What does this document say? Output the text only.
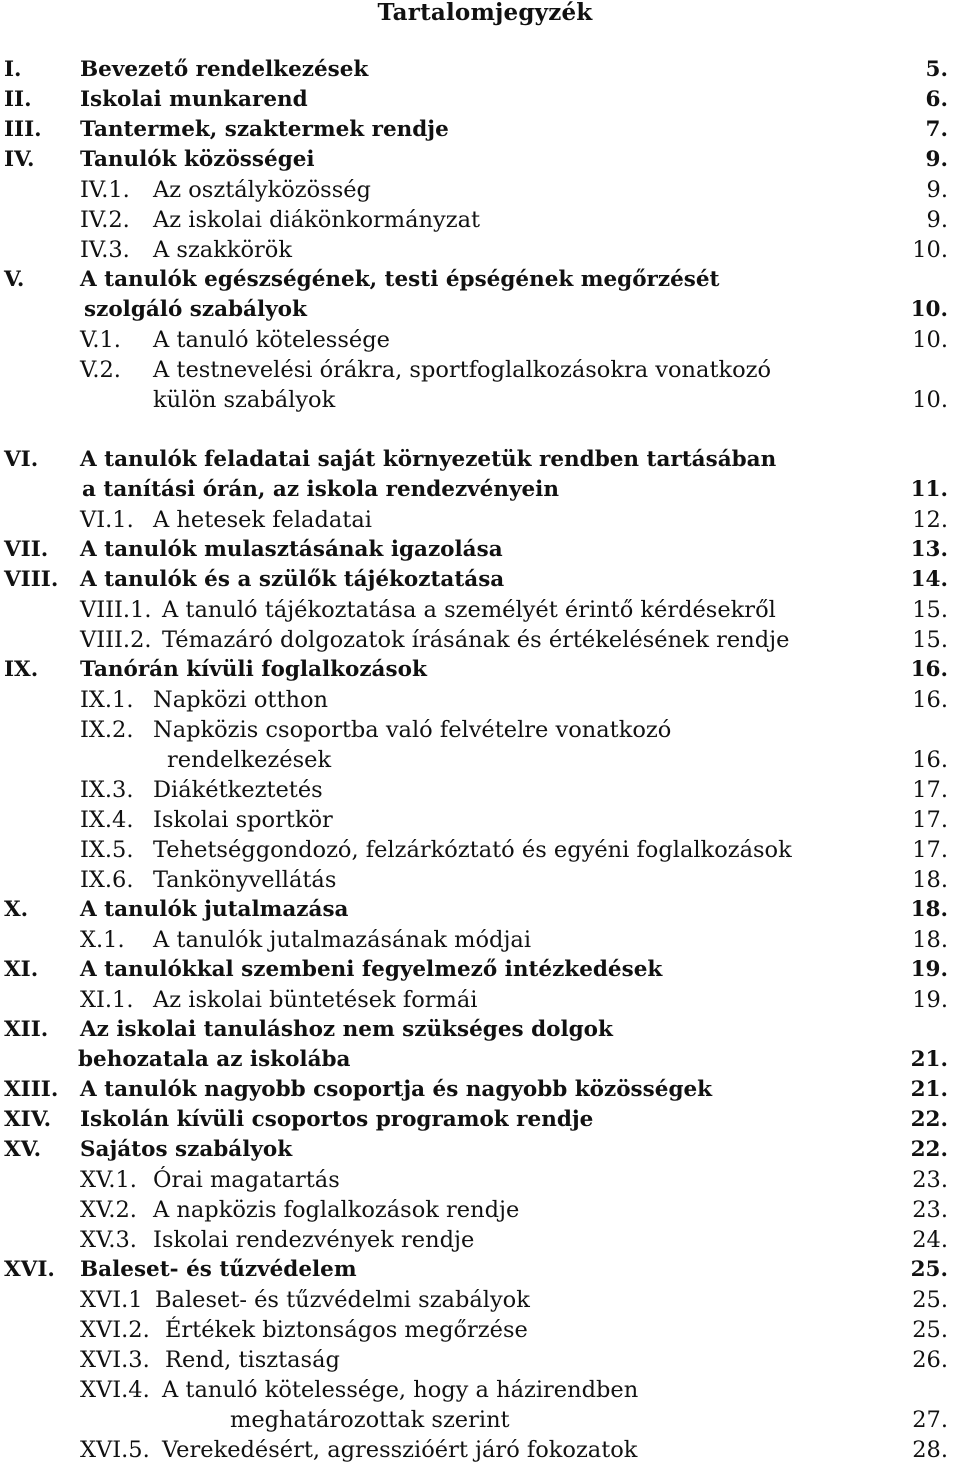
Tartalomjegyzék
I.	Bevezető rendelkezések	5.
II. Iskolai munkarend	6.
III. Tantermek, szaktermek rendje	7.
IV. Tanulók közösségei	9.
IV.1. Az osztályközösség	9.
IV.2. Az iskolai diákönkormányzat	9.
IV.3. A szakkörök	10.
V.	A tanulók egészségének, testi épségének megőrzését
szolgáló szabályok	10.
V.1. A tanuló kötelessége	10.
V.2. A testnevelési órákra, sportfoglalkozásokra vonatkozó
külön szabályok	10.
VI. A tanulók feladatai saját környezetük rendben tartásában
a tanítási órán, az iskola rendezvényein	11.
VI.1. A hetesek feladatai	12.
VII. A tanulók mulasztásának igazolása	13.
VIII. A tanulók és a szülők tájékoztatása	14.
VIII.1. A tanuló tájékoztatása a személyét érintő kérdésekről	15.
VIII.2. Témazáró dolgozatok írásának és értékelésének rendje	15.
IX. Tanórán kívüli foglalkozások	16.
IX.1. Napközi otthon	16.
IX.2. Napközis csoportba való felvételre vonatkozó
rendelkezések	16.
IX.3. Diákétkeztetés	17.
IX.4. Iskolai sportkör	17.
IX.5. Tehetséggondozó, felzárkóztató és egyéni foglalkozások	17.
IX.6. Tankönyvellátás	18.
X. A tanulók jutalmazása	18.
X.1. A tanulók jutalmazásának módjai	18.
XI. A tanulókkal szembeni fegyelmező intézkedések	19.
XI.1. Az iskolai büntetések formái	19.
XII. Az iskolai tanuláshoz nem szükséges dolgok
behozatala az iskolába	21.
XIII. A tanulók nagyobb csoportja és nagyobb közösségek	21.
XIV. Iskolán kívüli csoportos programok rendje	22.
XV. Sajátos szabályok	22.
XV.1. Órai magatartás	23.
XV.2. A napközis foglalkozások rendje	23.
XV.3. Iskolai rendezvények rendje	24.
XVI. Baleset- és tűzvédelem	25.
XVI.1 Baleset- és tűzvédelmi szabályok	25.
XVI.2. Értékek biztonságos megőrzése	25.
XVI.3. Rend, tisztaság	26.
XVI.4. A tanuló kötelessége, hogy a házirendben
meghatározottak szerint	27.
XVI.5. Verekedésért, agresszióért járó fokozatok	28.
